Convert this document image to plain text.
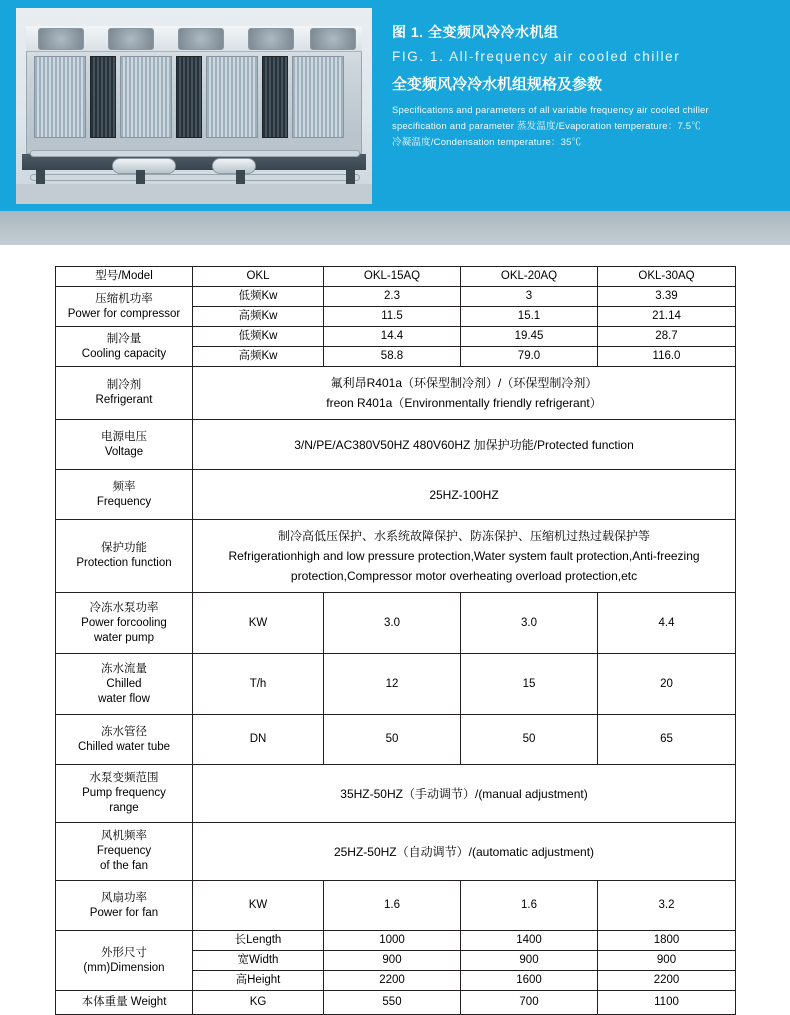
图 1. 全变频风冷冷水机组
FIG. 1. All-frequency air cooled chiller
全变频风冷冷水机组规格及参数
Specifications and parameters of all variable frequency air cooled chiller
specification and parameter 蒸发温度/Evaporation temperature：7.5℃
冷凝温度/Condensation temperature：35℃
型号/Model	OKL	OKL-15AQ	OKL-20AQ	OKL-30AQ

压缩机功率
Power for compressor	低频Kw	2.3	3	3.39
	高频Kw	11.5	15.1	21.14

制冷量
Cooling capacity	低频Kw	14.4	19.45	28.7
	高频Kw	58.8	79.0	116.0

制冷剂
Refrigerant

氟利昂R401a（环保型制冷剂）/（环保型制冷剂）
freon R401a（Environmentally friendly refrigerant）

电源电压
Voltage	3/N/PE/AC380V50HZ 480V60HZ 加保护功能/Protected function			

频率
Frequency	25HZ-100HZ			

保护功能
Protection function

制冷高低压保护、水系统故障保护、防冻保护、压缩机过热过载保护等
Refrigerationhigh and low pressure protection,Water system fault protection,Anti-freezing
protection,Compressor motor overheating overload protection,etc

冷冻水泵功率
Power forcooling
water pump	KW	3.0	3.0	4.4

冻水流量
Chilled
water flow	T/h	12	15	20

冻水管径
Chilled water tube	DN	50	50	65

水泵变频范围
Pump frequency
range	35HZ-50HZ（手动调节）/(manual adjustment)			

风机频率
Frequency
of the fan	25HZ-50HZ（自动调节）/(automatic adjustment)			

风扇功率
Power for fan	KW	1.6	1.6	3.2

外形尺寸
(mm)Dimension	长Length	1000	1400	1800
	宽Width	900	900	900
	高Height	2200	1600	2200
本体重量 Weight	KG	550	700	1100
